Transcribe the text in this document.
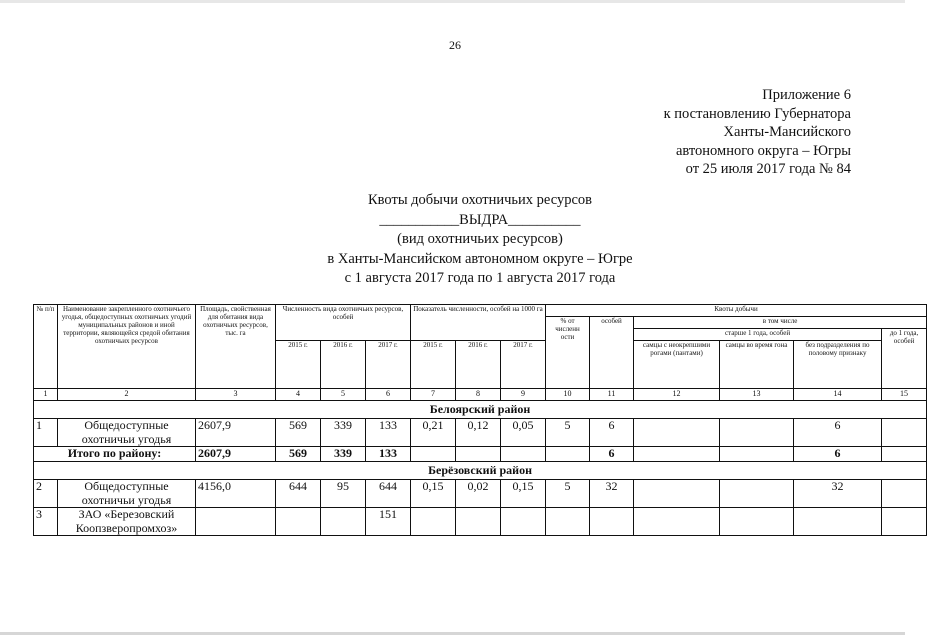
26
Приложение 6
к постановлению Губернатора
Ханты-Мансийского
автономного округа – Югры
от 25 июля 2017 года № 84
Квоты добычи охотничьих ресурсов
___________ВЫДРА__________
(вид охотничьих ресурсов)
в Ханты-Мансийском автономном округе – Югре
с 1 августа 2017 года по 1 августа 2017 года
№ п/п	Наименование закрепленного охотничьего угодья, общедоступных охотничьих угодий муниципальных районов и иной территории, являющейся средой обитания охотничьих ресурсов	Площадь, свойственная для обитания вида охотничьих ресурсов, тыс. га	Численность вида охотничьих ресурсов, особей			Показатель численности, особей на 1000 га			Квоты добычи					
									% от численн ости	особей	в том числе			
											старше 1 года, особей			до 1 года, особей
			2015 г.	2016 г.	2017 г.	2015 г.	2016 г.	2017 г.			самцы с неокрепшими рогами (пантами)	самцы во время гона	без подразделения по половому признаку	
1	2	3	4	5	6	7	8	9	10	11	12	13	14	15
Белоярский район														
1	Общедоступные охотничьи угодья	2607,9	569	339	133	0,21	0,12	0,05	5	6			6	
Итого по району:		2607,9	569	339	133					6			6	
Берёзовский район														
2	Общедоступные охотничьи угодья	4156,0	644	95	644	0,15	0,02	0,15	5	32			32	
3	ЗАО «Березовский Коопзверопромхоз»				151									
